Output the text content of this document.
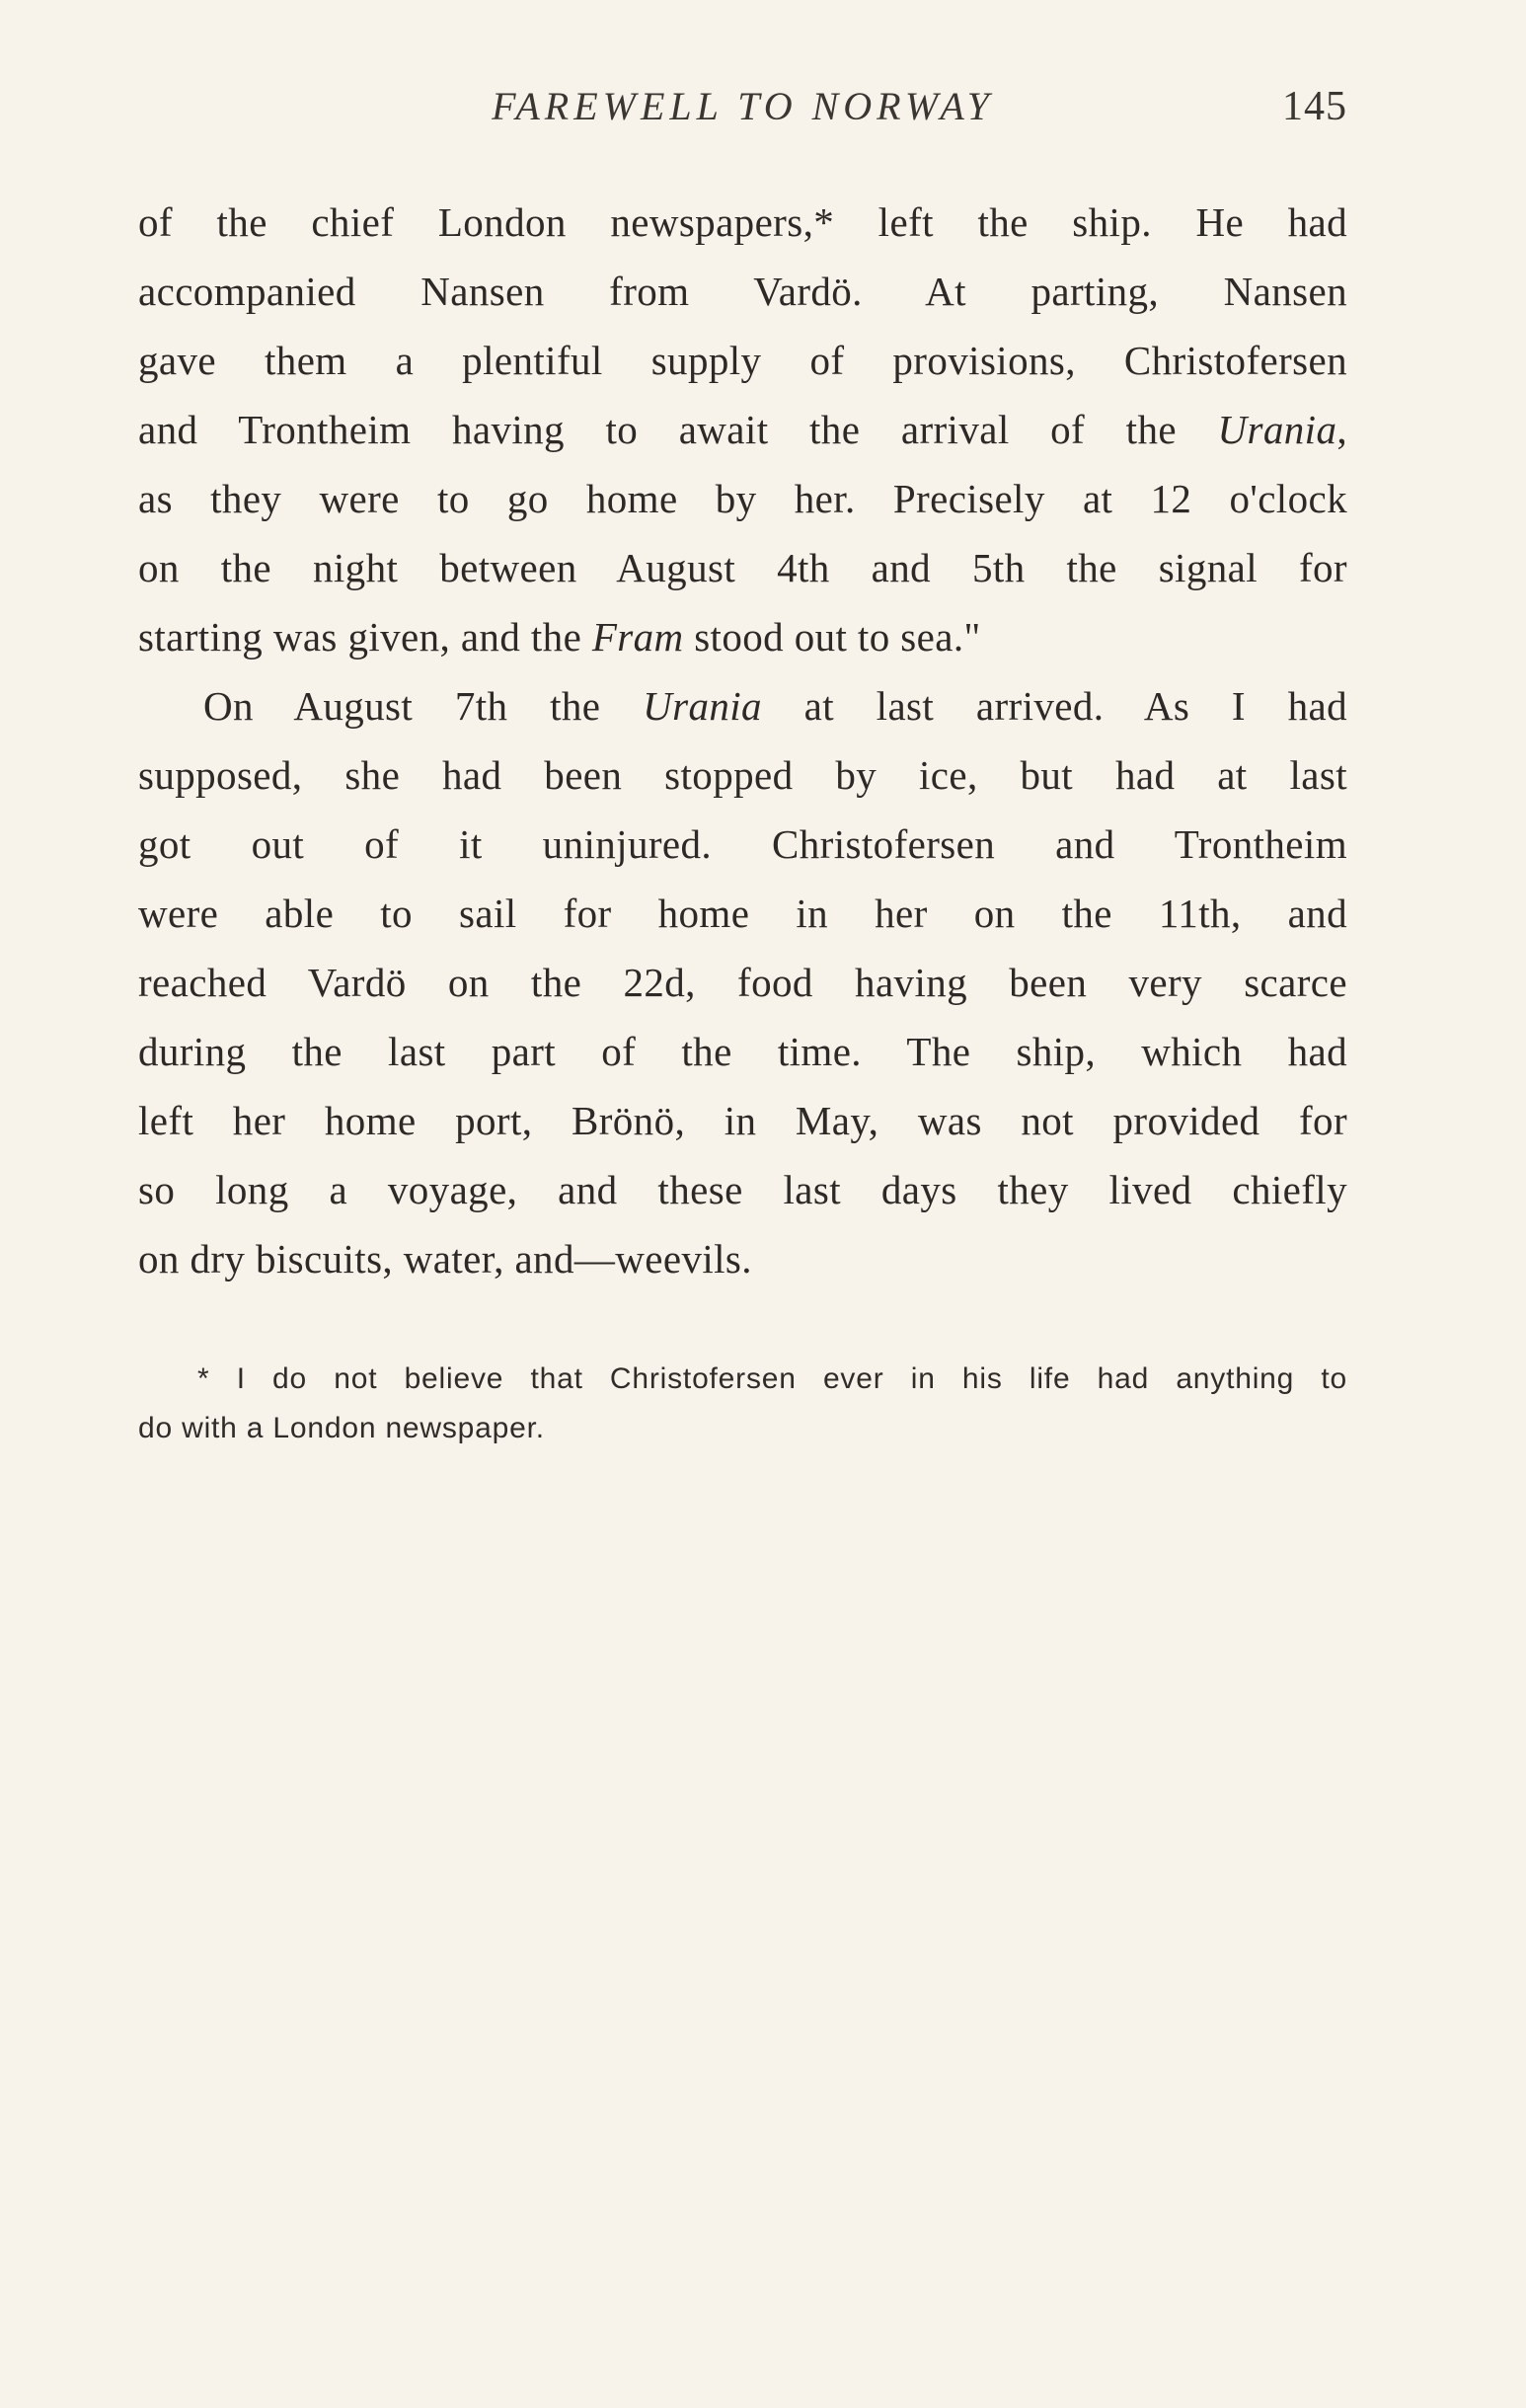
FAREWELL TO NORWAY	145
of the chief London newspapers,* left the ship. He had
accompanied Nansen from Vardö. At parting, Nansen
gave them a plentiful supply of provisions, Christofersen
and Trontheim having to await the arrival of the Urania,
as they were to go home by her. Precisely at 12 o'clock
on the night between August 4th and 5th the signal for
starting was given, and the Fram stood out to sea."
On August 7th the Urania at last arrived. As I had
supposed, she had been stopped by ice, but had at last
got out of it uninjured. Christofersen and Trontheim
were able to sail for home in her on the 11th, and
reached Vardö on the 22d, food having been very scarce
during the last part of the time. The ship, which had
left her home port, Brönö, in May, was not provided for
so long a voyage, and these last days they lived chiefly
on dry biscuits, water, and—weevils.
* I do not believe that Christofersen ever in his life had anything to
do with a London newspaper.
